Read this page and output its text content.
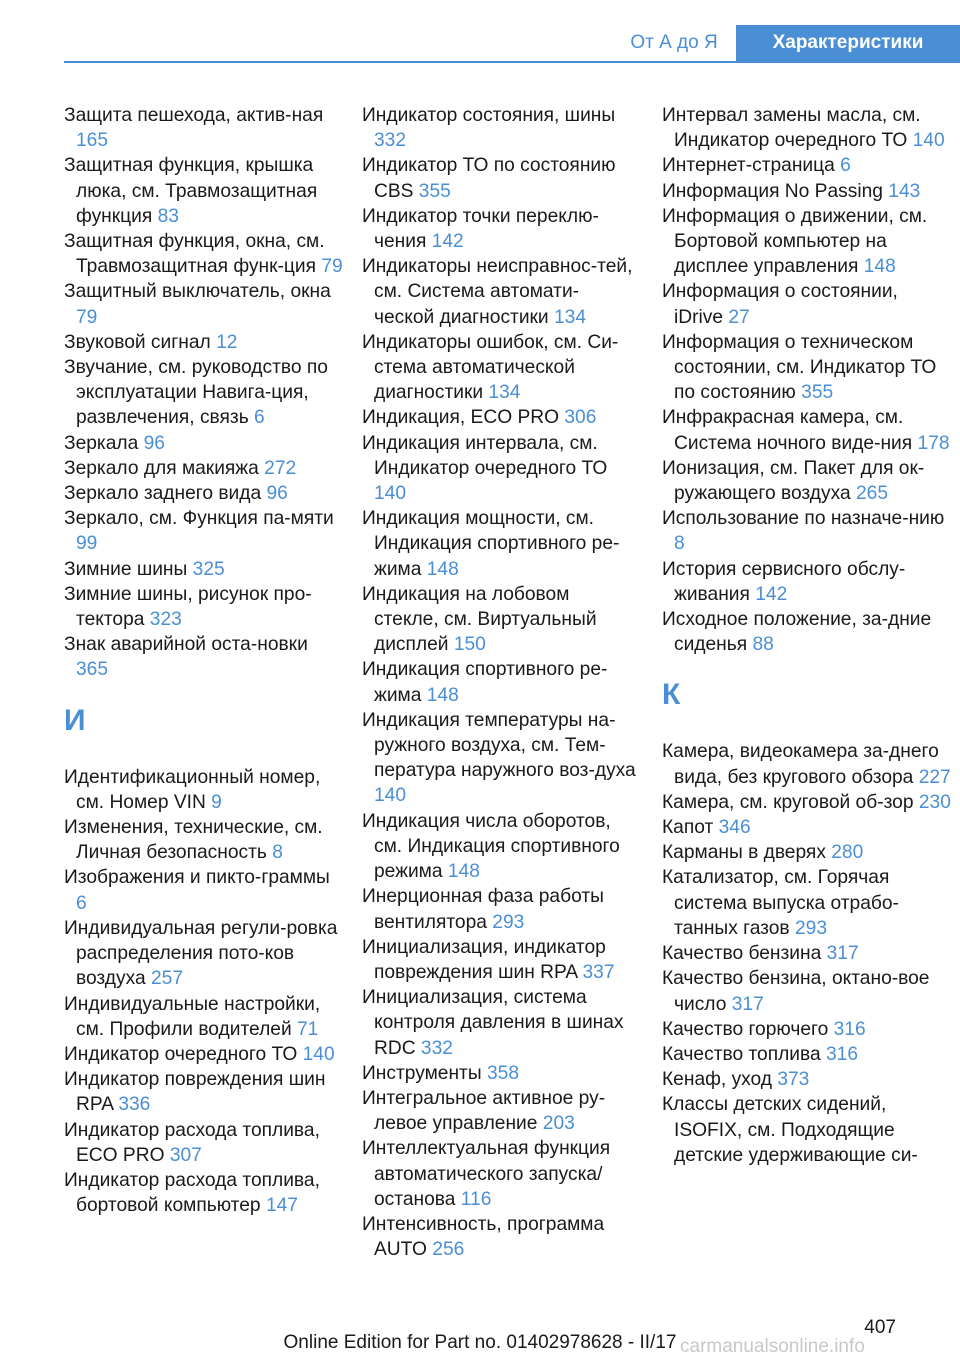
От А до Я	Характеристики
Защита пешехода, актив-ная 165
Защитная функция, крышка люка, см. Травмозащитная функция 83
Защитная функция, окна, см. Травмозащитная функ-ция 79
Защитный выключатель, окна 79
Звуковой сигнал 12
Звучание, см. руководство по эксплуатации Навига-ция, развлечения, связь 6
Зеркала 96
Зеркало для макияжа 272
Зеркало заднего вида 96
Зеркало, см. Функция па-мяти 99
Зимние шины 325
Зимние шины, рисунок про-тектора 323
Знак аварийной оста-новки 365
И
Идентификационный номер, см. Номер VIN 9
Изменения, технические, см. Личная безопасность 8
Изображения и пикто-граммы 6
Индивидуальная регули-ровка распределения пото-ков воздуха 257
Индивидуальные настройки, см. Профили водителей 71
Индикатор очередного ТО 140
Индикатор повреждения шин RPA 336
Индикатор расхода топлива, ECO PRO 307
Индикатор расхода топлива, бортовой компьютер 147
Индикатор состояния, шины 332
Индикатор ТО по состоянию CBS 355
Индикатор точки переклю-чения 142
Индикаторы неисправнос-тей, см. Система автомати-ческой диагностики 134
Индикаторы ошибок, см. Си-стема автоматической диагностики 134
Индикация, ECO PRO 306
Индикация интервала, см. Индикатор очередного ТО 140
Индикация мощности, см. Индикация спортивного ре-жима 148
Индикация на лобовом стекле, см. Виртуальный дисплей 150
Индикация спортивного ре-жима 148
Индикация температуры на-ружного воздуха, см. Тем-пература наружного воз-духа 140
Индикация числа оборотов, см. Индикация спортивного режима 148
Инерционная фаза работы вентилятора 293
Инициализация, индикатор повреждения шин RPA 337
Инициализация, система контроля давления в шинах RDC 332
Инструменты 358
Интегральное активное ру-левое управление 203
Интеллектуальная функция автоматического запуска/ останова 116
Интенсивность, программа AUTO 256
Интервал замены масла, см. Индикатор очередного ТО 140
Интернет-страница 6
Информация No Passing 143
Информация о движении, см. Бортовой компьютер на дисплее управления 148
Информация о состоянии, iDrive 27
Информация о техническом состоянии, см. Индикатор ТО по состоянию 355
Инфракрасная камера, см. Система ночного виде-ния 178
Ионизация, см. Пакет для ок-ружающего воздуха 265
Использование по назначе-нию 8
История сервисного обслу-живания 142
Исходное положение, за-дние сиденья 88
К
Камера, видеокамера за-днего вида, без кругового обзора 227
Камера, см. круговой об-зор 230
Капот 346
Карманы в дверях 280
Катализатор, см. Горячая система выпуска отрабо-танных газов 293
Качество бензина 317
Качество бензина, октано-вое число 317
Качество горючего 316
Качество топлива 316
Кенаф, уход 373
Классы детских сидений, ISOFIX, см. Подходящие детские удерживающие си-
407
Online Edition for Part no. 01402978628 - II/17 carmanualsonline.info
